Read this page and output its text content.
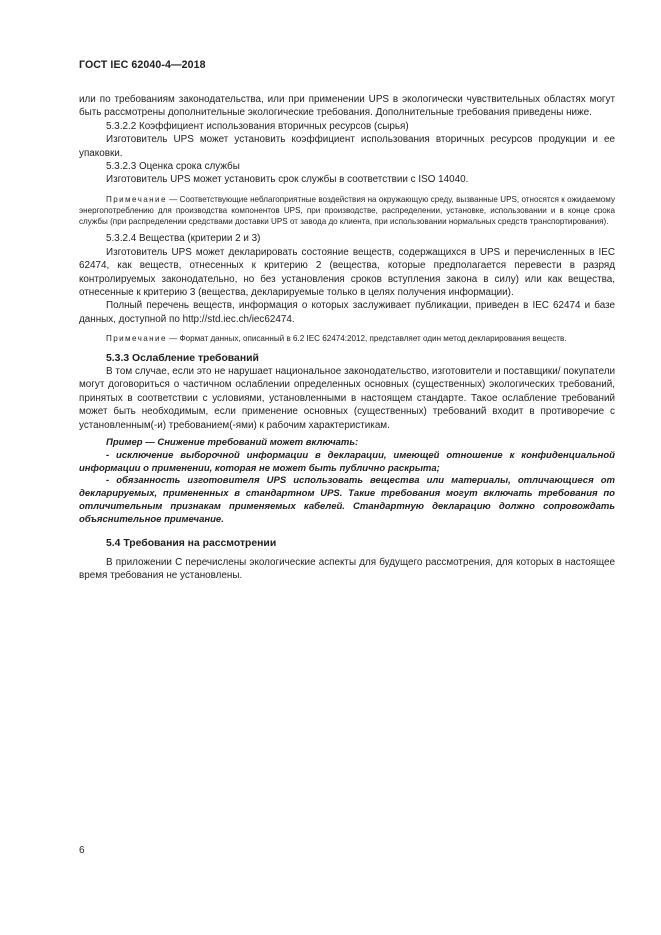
ГОСТ IEC 62040-4—2018

или по требованиям законодательства, или при применении UPS в экологически чувствительных областях могут быть рассмотрены дополнительные экологические требования. Дополнительные требования приведены ниже.

5.3.2.2 Коэффициент использования вторичных ресурсов (сырья)

Изготовитель UPS может установить коэффициент использования вторичных ресурсов продукции и ее упаковки.

5.3.2.3 Оценка срока службы

Изготовитель UPS может установить срок службы в соответствии с ISO 14040.

Примечание — Соответствующие неблагоприятные воздействия на окружающую среду, вызванные UPS, относятся к ожидаемому энергопотреблению для производства компонентов UPS, при производстве, распределении, установке, использовании и в конце срока службы (при распределении средствами доставки UPS от завода до клиента, при использовании нормальных средств транспортирования).

5.3.2.4 Вещества (критерии 2 и 3)

Изготовитель UPS может декларировать состояние веществ, содержащихся в UPS и перечисленных в IEC 62474, как веществ, отнесенных к критерию 2 (вещества, которые предполагается перевести в разряд контролируемых законодательно, но без установления сроков вступления закона в силу) или как вещества, отнесенные к критерию 3 (вещества, декларируемые только в целях получения информации).

Полный перечень веществ, информация о которых заслуживает публикации, приведен в IEC 62474 и базе данных, доступной по http://std.iec.ch/iec62474.

Примечание — Формат данных, описанный в 6.2 IEC 62474:2012, представляет один метод декларирования веществ.

5.3.3 Ослабление требований

В том случае, если это не нарушает национальное законодательство, изготовители и поставщики/ покупатели могут договориться о частичном ослаблении определенных основных (существенных) экологических требований, принятых в соответствии с условиями, установленными в настоящем стандарте. Такое ослабление требований может быть необходимым, если применение основных (существенных) требований входит в противоречие с установленным(-и) требованием(-ями) к рабочим характеристикам.

Пример — Снижение требований может включать:

- исключение выборочной информации в декларации, имеющей отношение к конфиденциальной информации о применении, которая не может быть публично раскрыта;

- обязанность изготовителя UPS использовать вещества или материалы, отличающиеся от декларируемых, примененных в стандартном UPS. Такие требования могут включать требования по отличительным признакам применяемых кабелей. Стандартную декларацию должно сопровождать объяснительное примечание.

5.4 Требования на рассмотрении

В приложении С перечислены экологические аспекты для будущего рассмотрения, для которых в настоящее время требования не установлены.

6
